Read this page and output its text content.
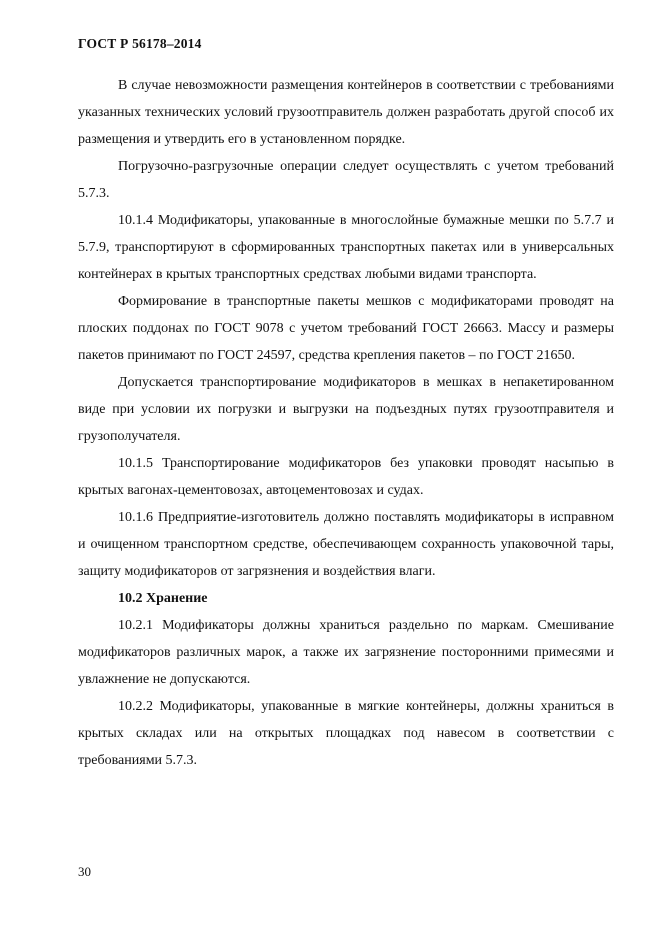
ГОСТ Р 56178–2014

В случае невозможности размещения контейнеров в соответствии с требованиями указанных технических условий грузоотправитель должен разработать другой способ их размещения и утвердить его в установленном порядке.

Погрузочно-разгрузочные операции следует осуществлять с учетом требований 5.7.3.

10.1.4 Модификаторы, упакованные в многослойные бумажные мешки по 5.7.7 и 5.7.9, транспортируют в сформированных транспортных пакетах или в универсальных контейнерах в крытых транспортных средствах любыми видами транспорта.

Формирование в транспортные пакеты мешков с модификаторами проводят на плоских поддонах по ГОСТ 9078 с учетом требований ГОСТ 26663. Массу и размеры пакетов принимают по ГОСТ 24597, средства крепления пакетов – по ГОСТ 21650.

Допускается транспортирование модификаторов в мешках в непакетированном виде при условии их погрузки и выгрузки на подъездных путях грузоотправителя и грузополучателя.

10.1.5 Транспортирование модификаторов без упаковки проводят насыпью в крытых вагонах-цементовозах, автоцементовозах и судах.

10.1.6 Предприятие-изготовитель должно поставлять модификаторы в исправном и очищенном транспортном средстве, обеспечивающем сохранность упаковочной тары, защиту модификаторов от загрязнения и воздействия влаги.

10.2 Хранение

10.2.1 Модификаторы должны храниться раздельно по маркам. Смешивание модификаторов различных марок, а также их загрязнение посторонними примесями и увлажнение не допускаются.

10.2.2 Модификаторы, упакованные в мягкие контейнеры, должны храниться в крытых складах или на открытых площадках под навесом в соответствии с требованиями 5.7.3.

30
